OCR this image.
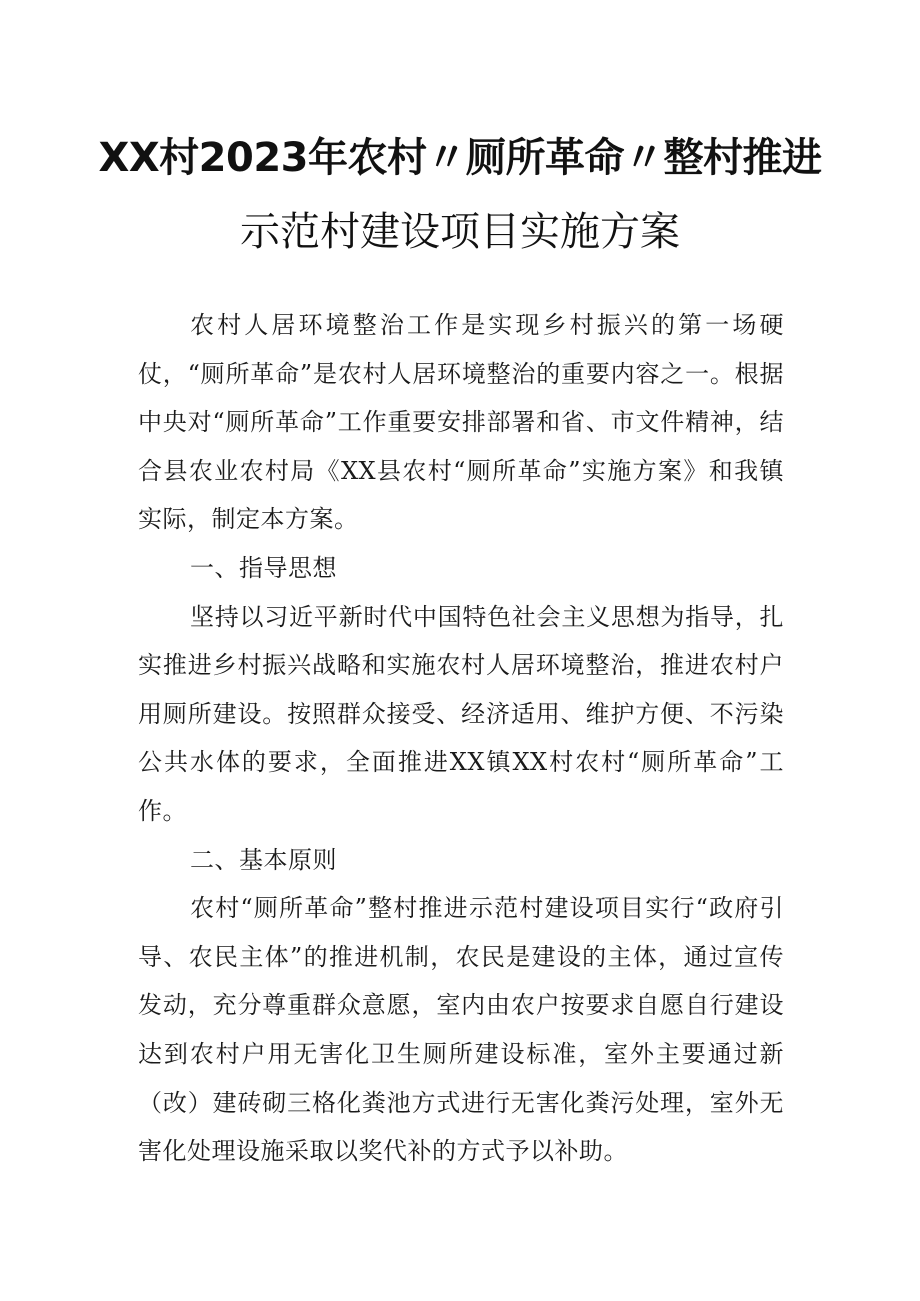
XX村2023年农村〃厕所革命〃整村推进
示范村建设项目实施方案

农村人居环境整治工作是实现乡村振兴的第一场硬仗，“厕所革命”是农村人居环境整治的重要内容之一。根据中央对“厕所革命”工作重要安排部署和省、市文件精神，结合县农业农村局《XX县农村“厕所革命”实施方案》和我镇实际，制定本方案。

一、指导思想

坚持以习近平新时代中国特色社会主义思想为指导，扎实推进乡村振兴战略和实施农村人居环境整治，推进农村户用厕所建设。按照群众接受、经济适用、维护方便、不污染公共水体的要求，全面推进XX镇XX村农村“厕所革命”工作。

二、基本原则

农村“厕所革命”整村推进示范村建设项目实行“政府引导、农民主体”的推进机制，农民是建设的主体，通过宣传发动，充分尊重群众意愿，室内由农户按要求自愿自行建设达到农村户用无害化卫生厕所建设标准，室外主要通过新（改）建砖砌三格化粪池方式进行无害化粪污处理，室外无害化处理设施采取以奖代补的方式予以补助。
